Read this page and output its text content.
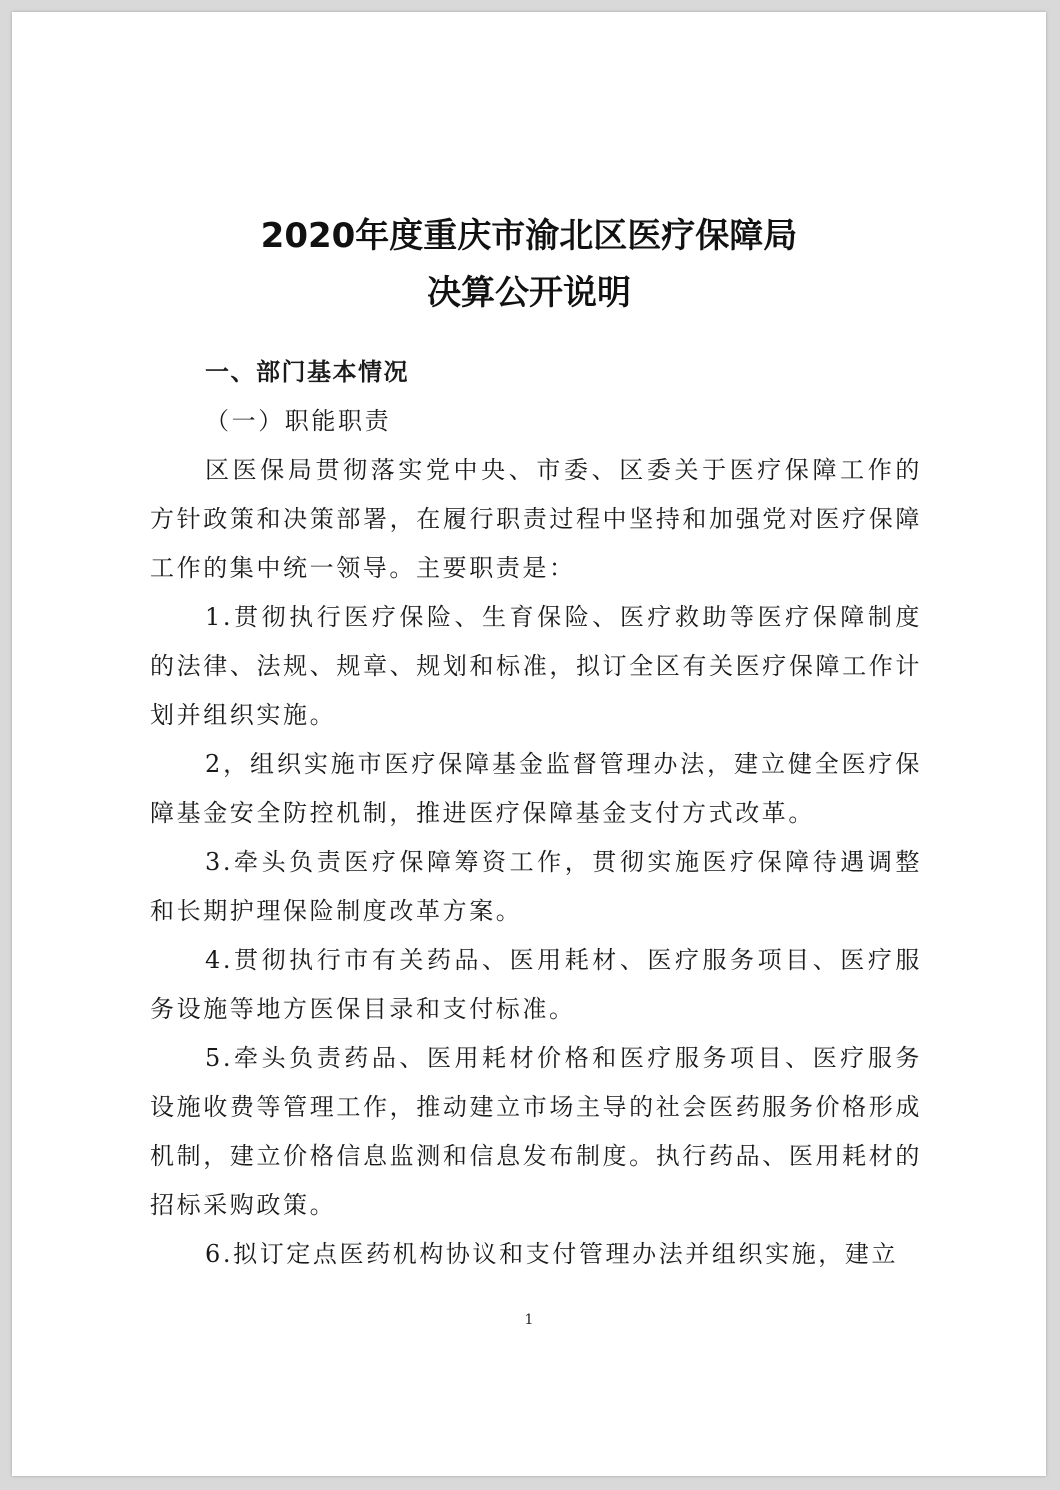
2020年度重庆市渝北区医疗保障局
决算公开说明

一、部门基本情况

（一）职能职责

区医保局贯彻落实党中央、市委、区委关于医疗保障工作的方针政策和决策部署，在履行职责过程中坚持和加强党对医疗保障工作的集中统一领导。主要职责是：

1.贯彻执行医疗保险、生育保险、医疗救助等医疗保障制度的法律、法规、规章、规划和标准，拟订全区有关医疗保障工作计划并组织实施。

2，组织实施市医疗保障基金监督管理办法，建立健全医疗保障基金安全防控机制，推进医疗保障基金支付方式改革。

3.牵头负责医疗保障筹资工作，贯彻实施医疗保障待遇调整和长期护理保险制度改革方案。

4.贯彻执行市有关药品、医用耗材、医疗服务项目、医疗服务设施等地方医保目录和支付标准。

5.牵头负责药品、医用耗材价格和医疗服务项目、医疗服务设施收费等管理工作，推动建立市场主导的社会医药服务价格形成机制，建立价格信息监测和信息发布制度。执行药品、医用耗材的招标采购政策。

6.拟订定点医药机构协议和支付管理办法并组织实施，建立

1
